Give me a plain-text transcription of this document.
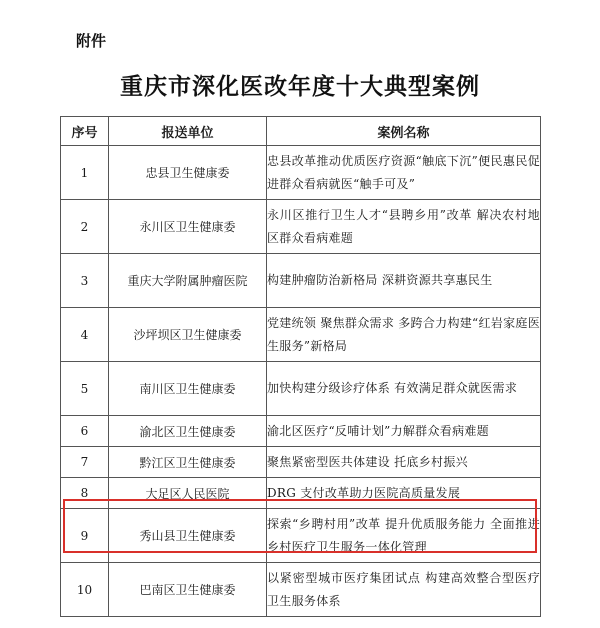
附件
重庆市深化医改年度十大典型案例
序号	报送单位	案例名称
1	忠县卫生健康委	忠县改革推动优质医疗资源“触底下沉”便民惠民促进群众看病就医“触手可及”
2	永川区卫生健康委	永川区推行卫生人才“县聘乡用”改革 解决农村地区群众看病难题
3	重庆大学附属肿瘤医院	构建肿瘤防治新格局 深耕资源共享惠民生
4	沙坪坝区卫生健康委	党建统领 聚焦群众需求 多跨合力构建“红岩家庭医生服务”新格局
5	南川区卫生健康委	加快构建分级诊疗体系 有效满足群众就医需求
6	渝北区卫生健康委	渝北区医疗“反哺计划”力解群众看病难题
7	黔江区卫生健康委	聚焦紧密型医共体建设 托底乡村振兴
8	大足区人民医院	DRG 支付改革助力医院高质量发展
9	秀山县卫生健康委	探索“乡聘村用”改革 提升优质服务能力 全面推进乡村医疗卫生服务一体化管理
10	巴南区卫生健康委	以紧密型城市医疗集团试点 构建高效整合型医疗卫生服务体系
